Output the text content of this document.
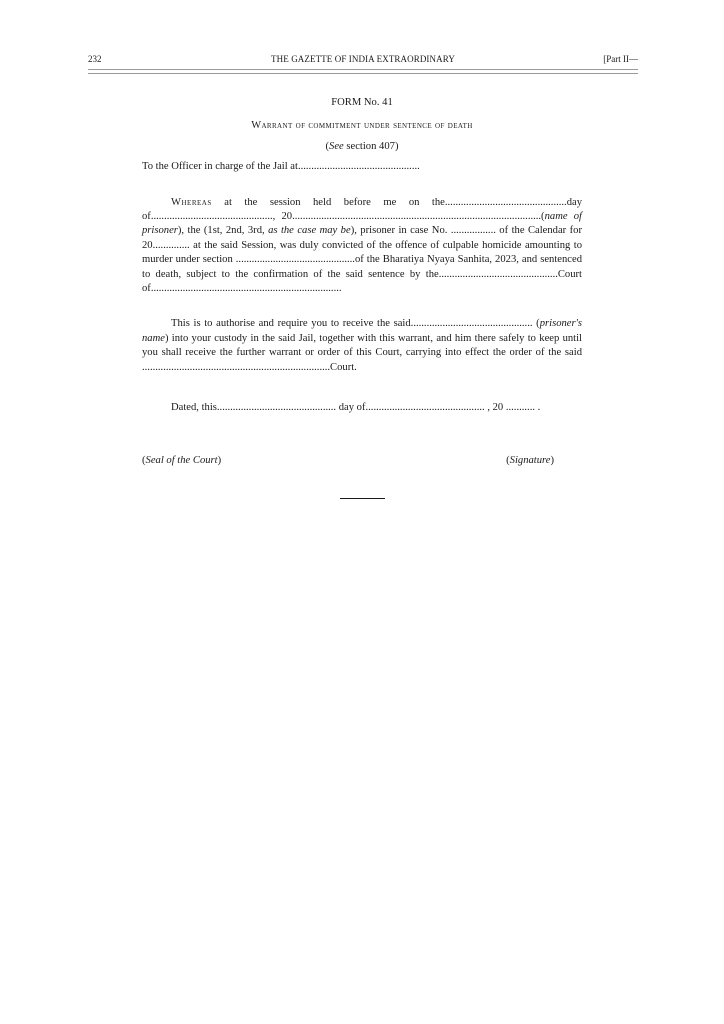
232	THE GAZETTE OF INDIA EXTRAORDINARY	[Part II—
FORM No. 41
Warrant of commitment under sentence of death
(See section 407)
To the Officer in charge of the Jail at..............................................

Whereas at the session held before me on the..............................................day of.............................................., 20..............................................................................................(name of prisoner), the (1st, 2nd, 3rd, as the case may be), prisoner in case No. ................. of the Calendar for 20.............. at the said Session, was duly convicted of the offence of culpable homicide amounting to murder under section .............................................of the Bharatiya Nyaya Sanhita, 2023, and sentenced to death, subject to the confirmation of the said sentence by the.............................................Court of........................................................................

This is to authorise and require you to receive the said.............................................. (prisoner's name) into your custody in the said Jail, together with this warrant, and him there safely to keep until you shall receive the further warrant or order of this Court, carrying into effect the order of the said .......................................................................Court.

Dated, this............................................. day of............................................. , 20 ........... .
(Seal of the Court)	(Signature)
